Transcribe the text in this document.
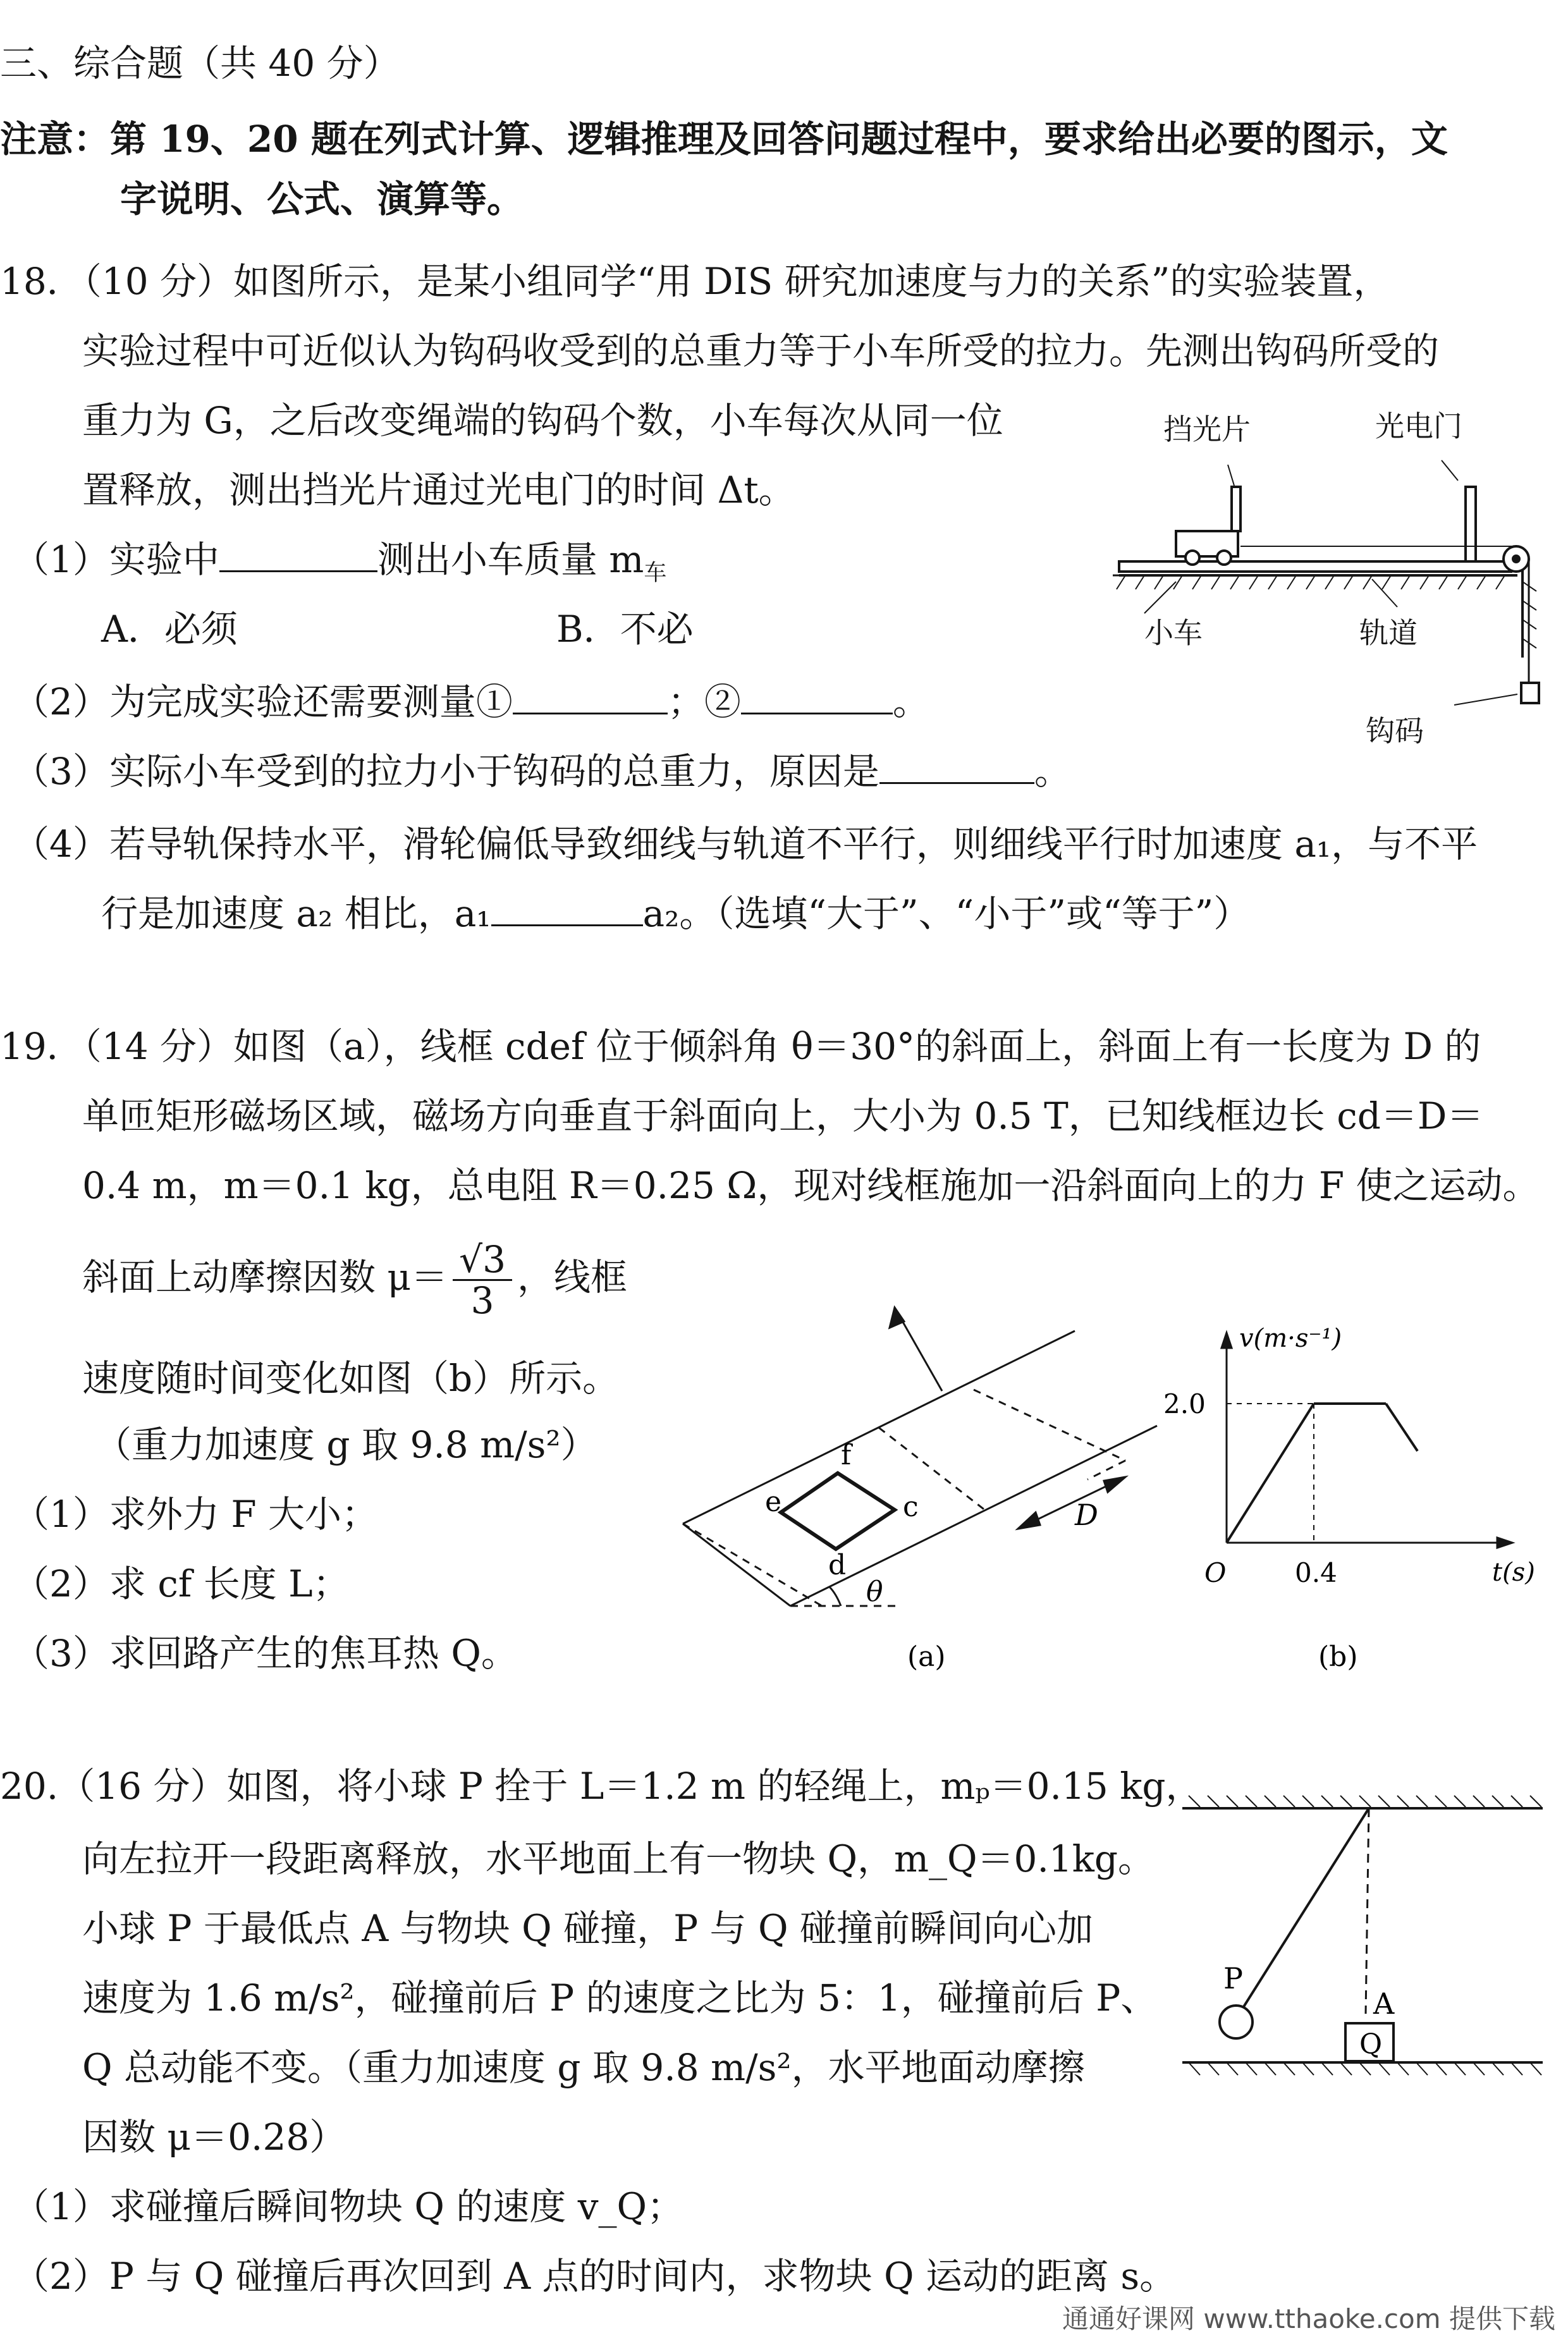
三、综合题（共 40 分）
注意：第 19、20 题在列式计算、逻辑推理及回答问题过程中，要求给出必要的图示，文
字说明、公式、演算等。
18．（10 分）如图所示，是某小组同学“用 DIS 研究加速度与力的关系”的实验装置，
实验过程中可近似认为钩码收受到的总重力等于小车所受的拉力。先测出钩码所受的
重力为 G，之后改变绳端的钩码个数，小车每次从同一位
置释放，测出挡光片通过光电门的时间 Δt。
（1）实验中	测出小车质量 $m_车$
A．必须	B．不必
（2）为完成实验还需要测量①	；②	。
（3）实际小车受到的拉力小于钩码的总重力，原因是	。
（4）若导轨保持水平，滑轮偏低导致细线与轨道不平行，则细线平行时加速度 a₁，与不平
行是加速度 a₂ 相比，a₁	a₂。（选填“大于”、“小于”或“等于”）
挡光片	光电门
小车	轨道
钩码
19．（14 分）如图（a），线框 cdef 位于倾斜角 θ＝30°的斜面上，斜面上有一长度为 D 的
单匝矩形磁场区域，磁场方向垂直于斜面向上，大小为 0.5 T，已知线框边长 cd＝D＝
0.4 m，m＝0.1 kg，总电阻 R＝0.25 Ω，现对线框施加一沿斜面向上的力 F 使之运动。
斜面上动摩擦因数 $\mu= \frac{√3}{3}$ ，线框
速度随时间变化如图（b）所示。
（重力加速度 g 取 9.8 m/s²）
（1）求外力 F 大小；
（2）求 cf 长度 L；
（3）求回路产生的焦耳热 Q。
f
e	c
d
D
θ
(a)
v(m·s⁻¹)
2.0
O	0.4	t(s)
(b)
20.（16 分）如图，将小球 P 拴于 L＝1.2 m 的轻绳上，mₚ＝0.15 kg，
向左拉开一段距离释放，水平地面上有一物块 Q，m_Q＝0.1kg。
小球 P 于最低点 A 与物块 Q 碰撞，P 与 Q 碰撞前瞬间向心加
速度为 1.6 m/s²，碰撞前后 P 的速度之比为 5：1，碰撞前后 P、
Q 总动能不变。（重力加速度 g 取 9.8 m/s²，水平地面动摩擦
因数 μ＝0.28）
（1）求碰撞后瞬间物块 Q 的速度 v_Q；
（2）P 与 Q 碰撞后再次回到 A 点的时间内，求物块 Q 运动的距离 s。
P
A
Q
通通好课网 www.tthaoke.com 提供下载
